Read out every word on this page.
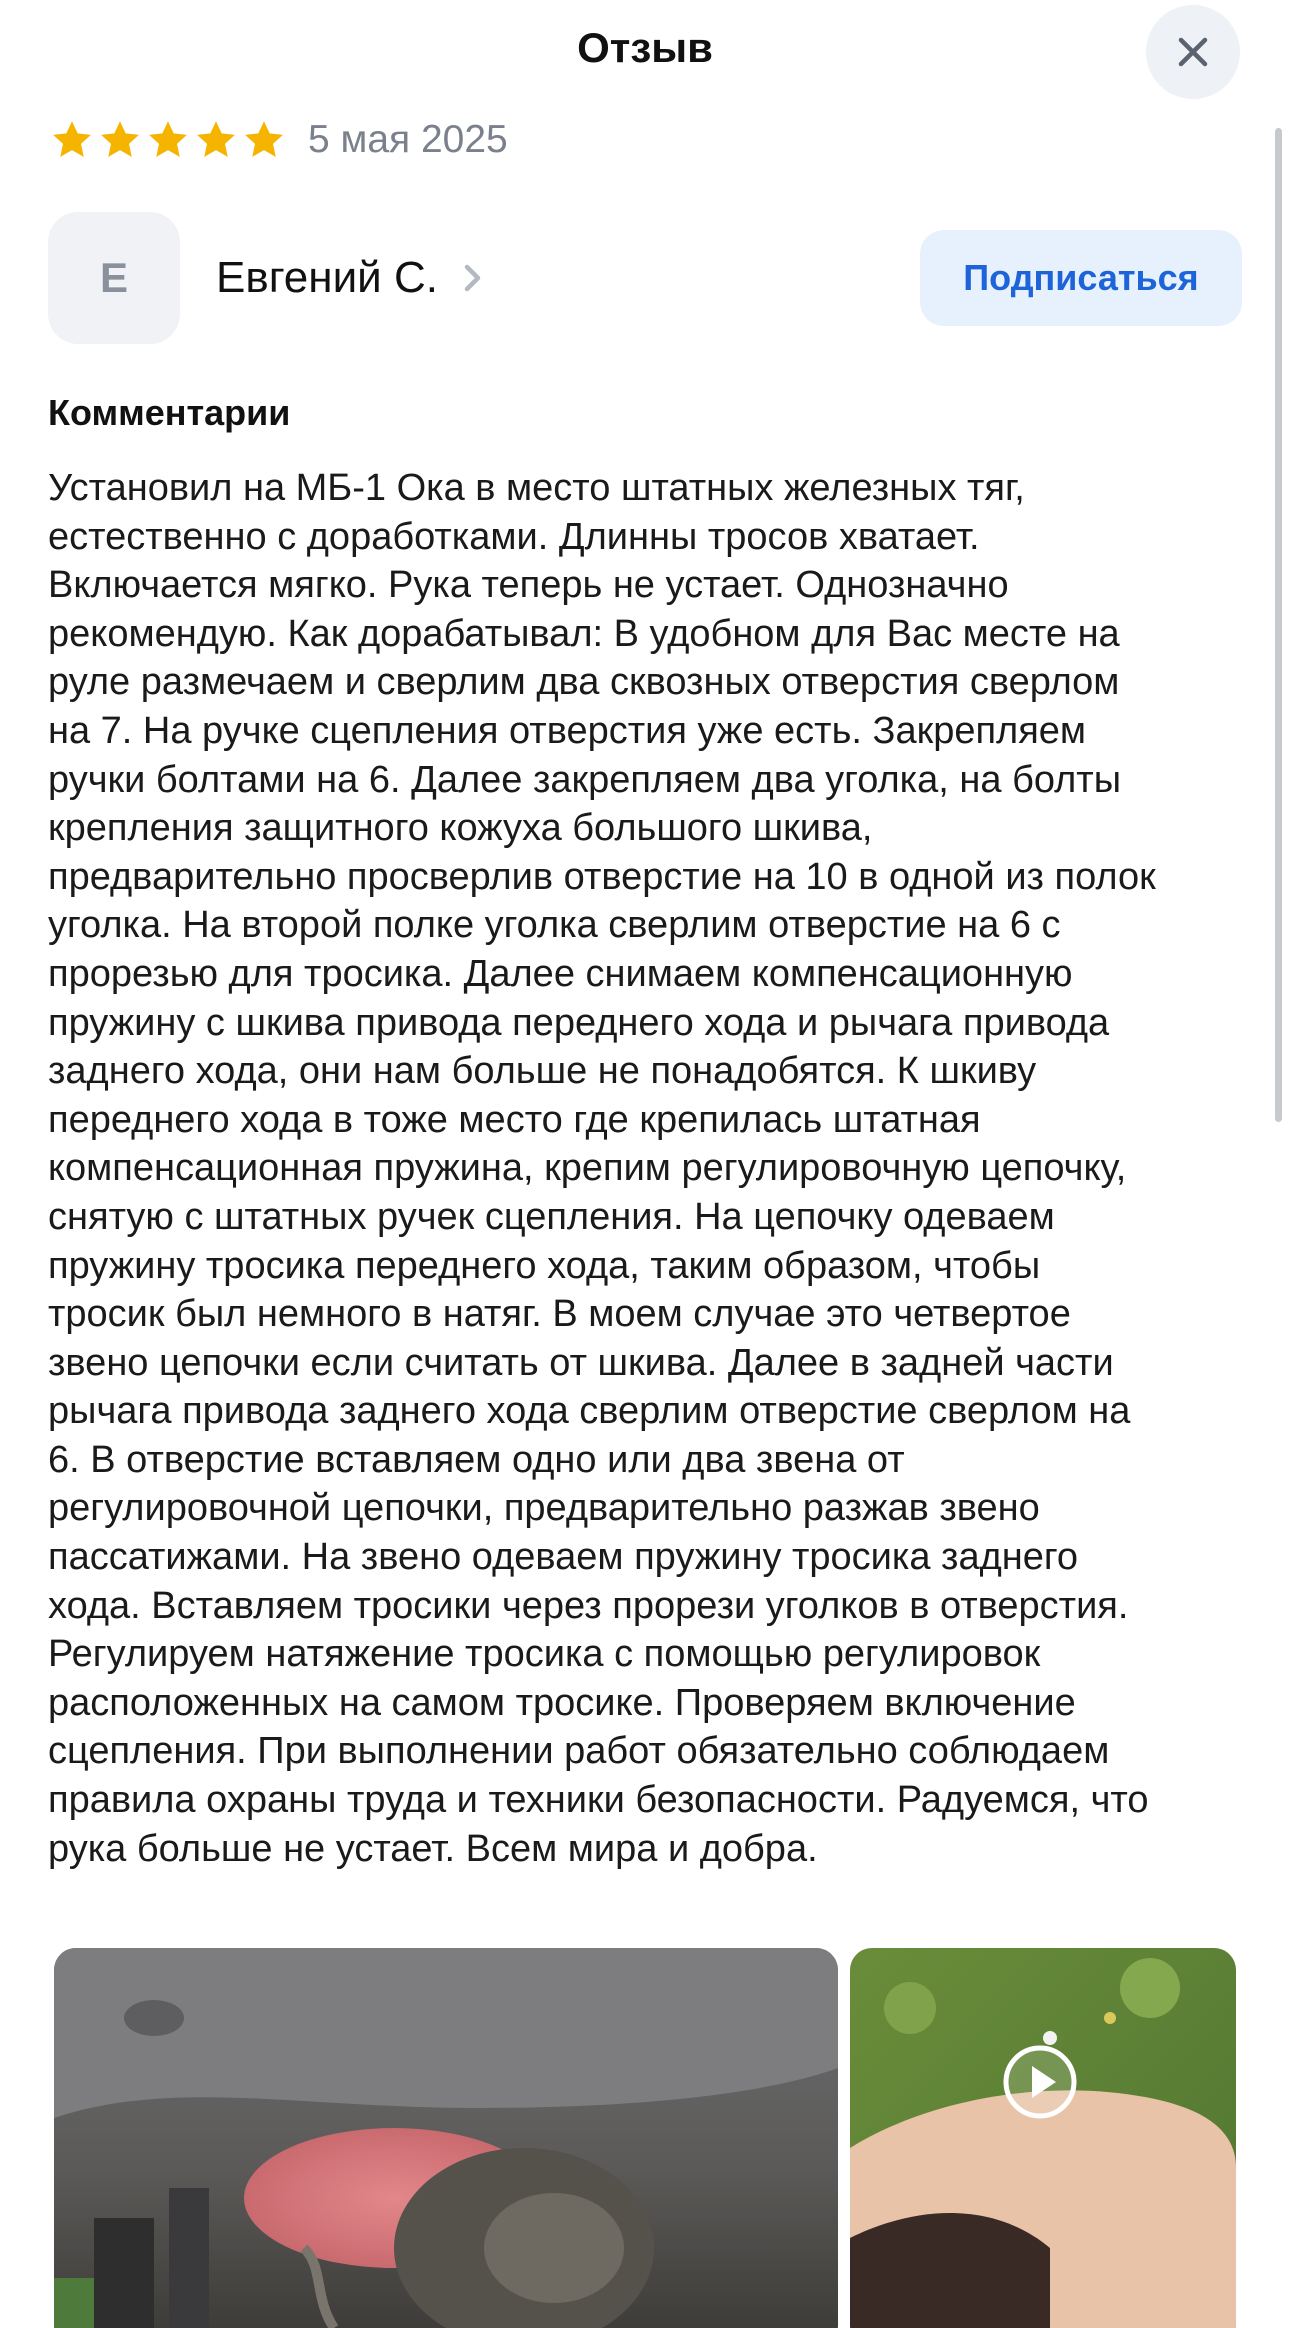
Отзыв
5 мая 2025
Е	Евгений С.	Подписаться
Комментарии
Установил на МБ-1 Ока в место штатных железных тяг,
естественно с доработками. Длинны тросов хватает.
Включается мягко. Рука теперь не устает. Однозначно
рекомендую. Как дорабатывал: В удобном для Вас месте на
руле размечаем и сверлим два сквозных отверстия сверлом
на 7. На ручке сцепления отверстия уже есть. Закрепляем
ручки болтами на 6. Далее закрепляем два уголка, на болты
крепления защитного кожуха большого шкива,
предварительно просверлив отверстие на 10 в одной из полок
уголка. На второй полке уголка сверлим отверстие на 6 с
прорезью для тросика. Далее снимаем компенсационную
пружину с шкива привода переднего хода и рычага привода
заднего хода, они нам больше не понадобятся. К шкиву
переднего хода в тоже место где крепилась штатная
компенсационная пружина, крепим регулировочную цепочку,
снятую с штатных ручек сцепления. На цепочку одеваем
пружину тросика переднего хода, таким образом, чтобы
тросик был немного в натяг. В моем случае это четвертое
звено цепочки если считать от шкива. Далее в задней части
рычага привода заднего хода сверлим отверстие сверлом на
6. В отверстие вставляем одно или два звена от
регулировочной цепочки, предварительно разжав звено
пассатижами. На звено одеваем пружину тросика заднего
хода. Вставляем тросики через прорези уголков в отверстия.
Регулируем натяжение тросика с помощью регулировок
расположенных на самом тросике. Проверяем включение
сцепления. При выполнении работ обязательно соблюдаем
правила охраны труда и техники безопасности. Радуемся, что
рука больше не устает. Всем мира и добра.
